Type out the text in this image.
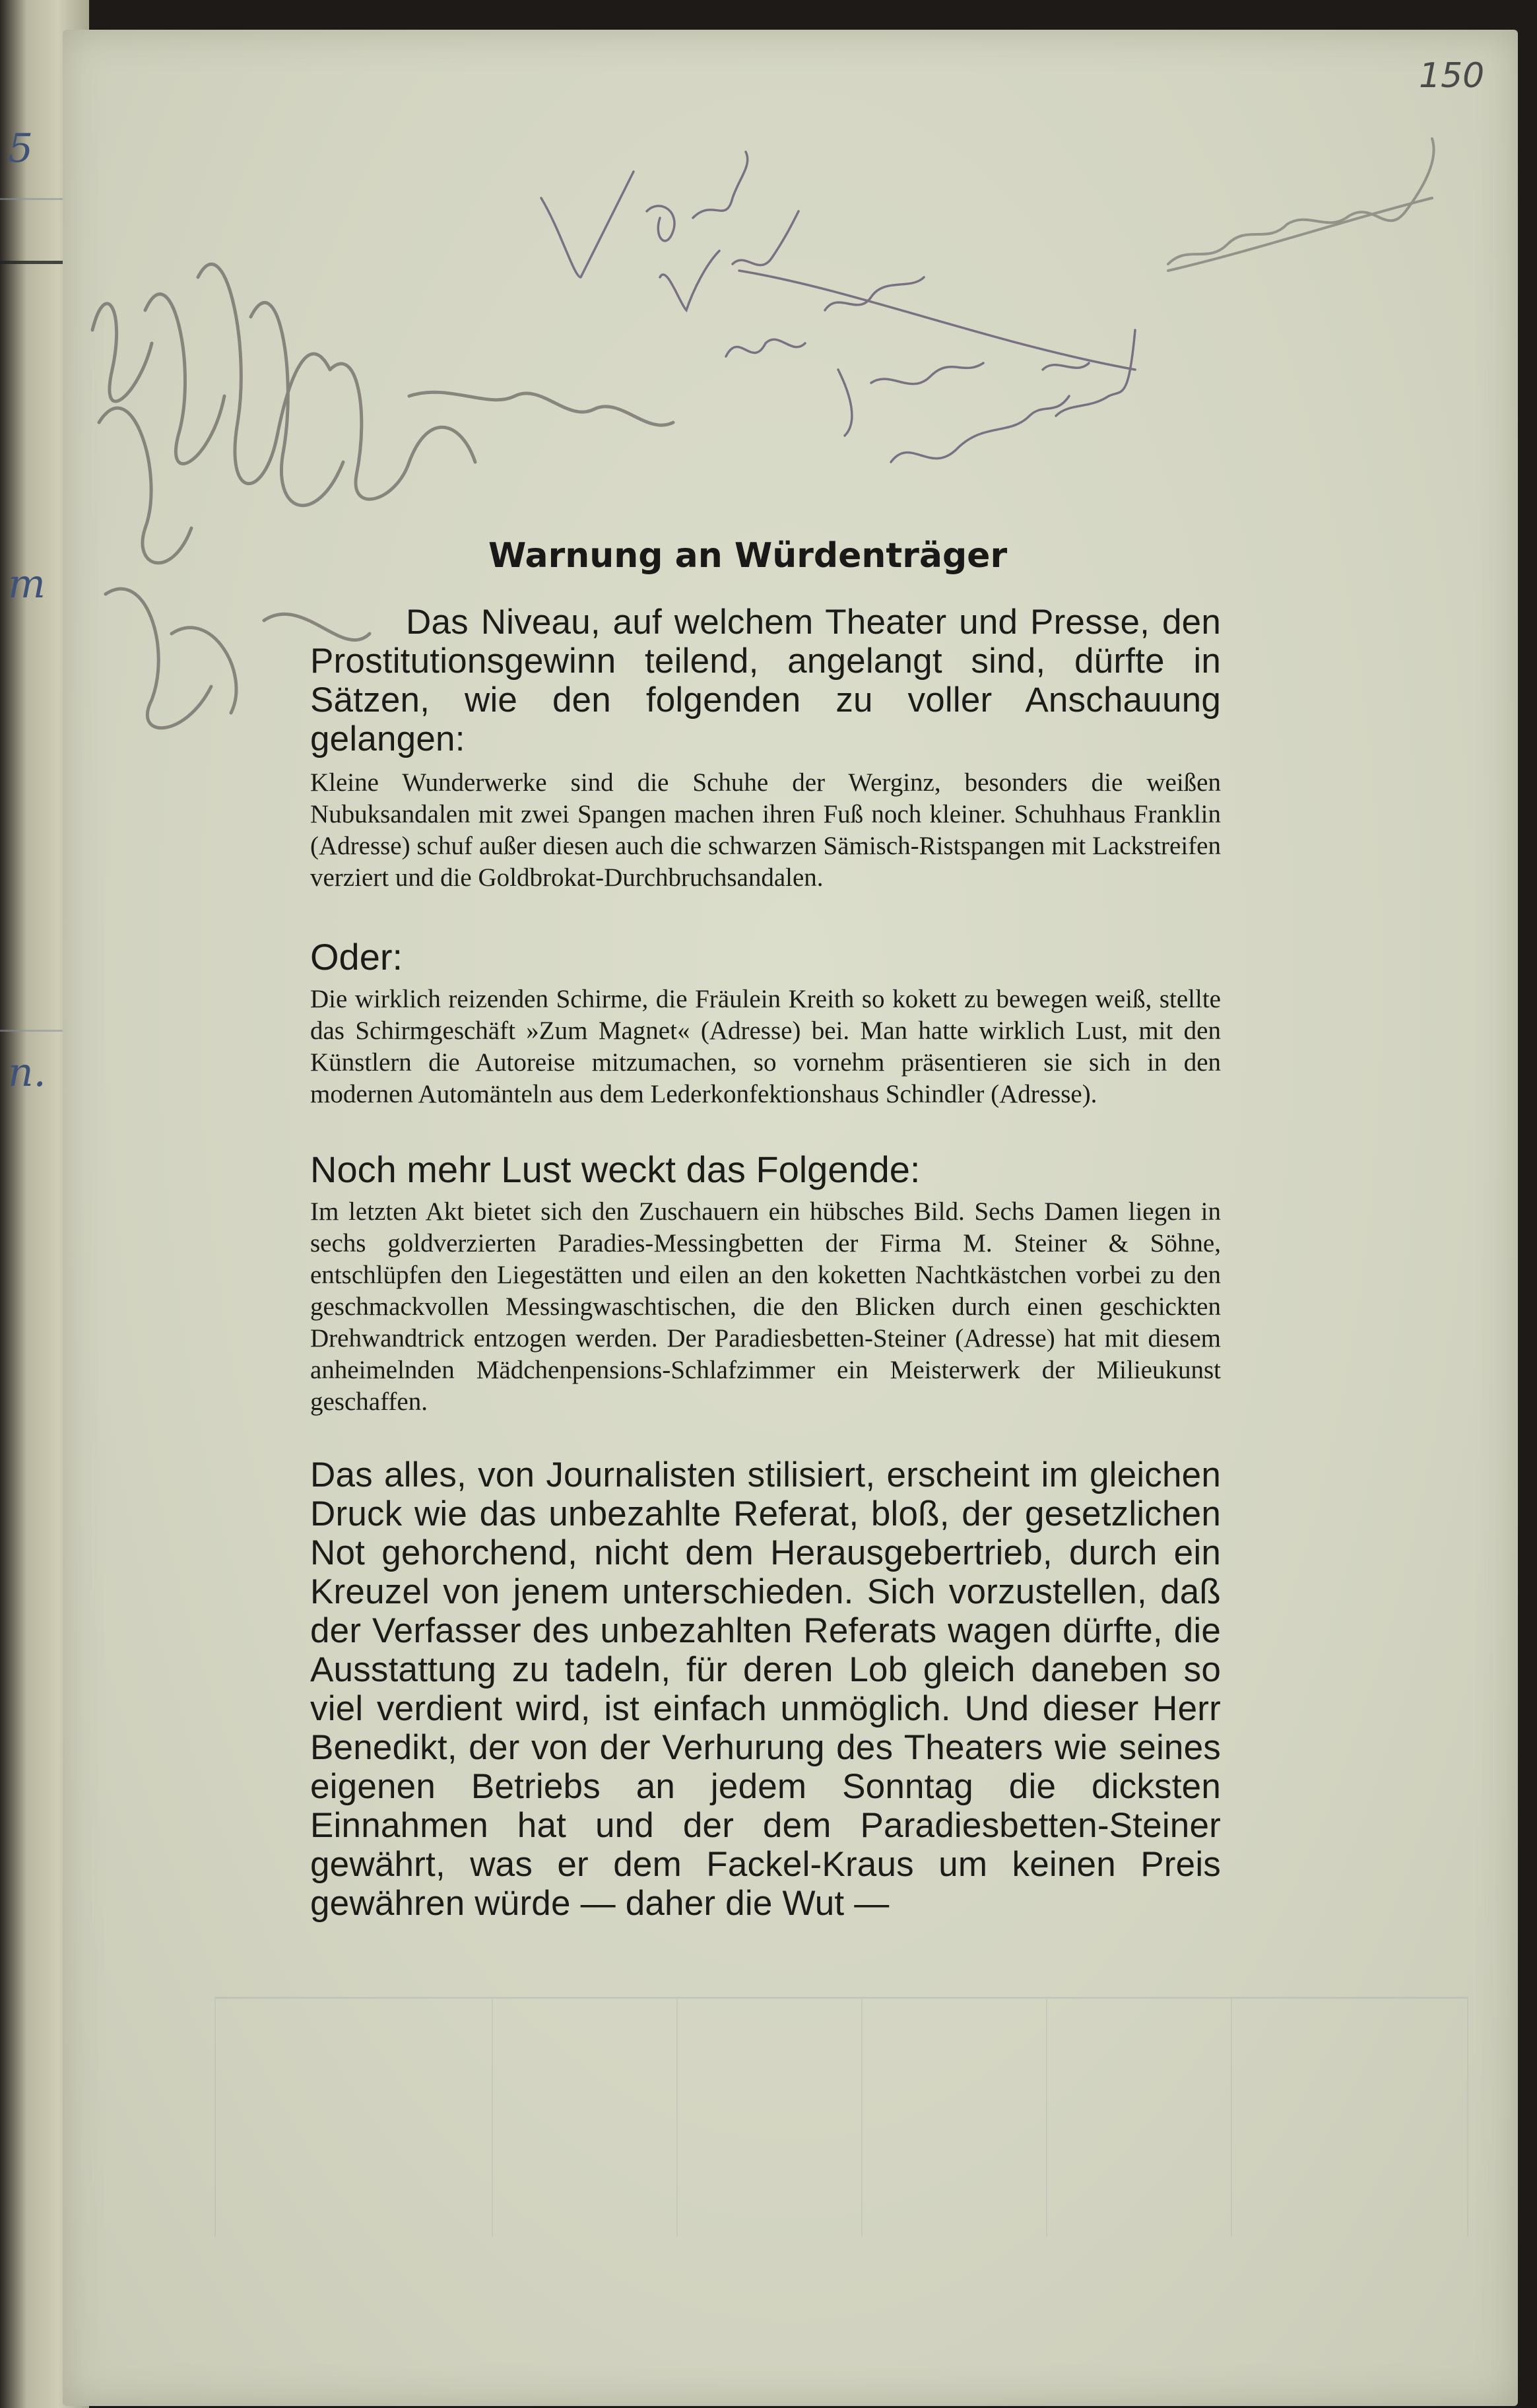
5
m
n.
150
Warnung an Würdenträger

Das Niveau, auf welchem Theater und Presse, den Prostitutionsgewinn teilend, angelangt sind, dürfte in Sätzen, wie den folgenden zu voller Anschauung gelangen:

Kleine Wunderwerke sind die Schuhe der Werginz, besonders die weißen Nubuksandalen mit zwei Spangen machen ihren Fuß noch kleiner. Schuhhaus Franklin (Adresse) schuf außer diesen auch die schwarzen Sämisch-Ristspangen mit Lackstreifen verziert und die Goldbrokat-Durchbruchsandalen.

Oder:

Die wirklich reizenden Schirme, die Fräulein Kreith so kokett zu bewegen weiß, stellte das Schirmgeschäft »Zum Magnet« (Adresse) bei. Man hatte wirklich Lust, mit den Künstlern die Autoreise mitzumachen, so vornehm präsentieren sie sich in den modernen Automänteln aus dem Lederkonfektionshaus Schindler (Adresse).

Noch mehr Lust weckt das Folgende:

Im letzten Akt bietet sich den Zuschauern ein hübsches Bild. Sechs Damen liegen in sechs goldverzierten Paradies-Messingbetten der Firma M. Steiner & Söhne, entschlüpfen den Liegestätten und eilen an den koketten Nachtkästchen vorbei zu den geschmackvollen Messingwaschtischen, die den Blicken durch einen geschickten Drehwandtrick entzogen werden. Der Paradiesbetten-Steiner (Adresse) hat mit diesem anheimelnden Mädchenpensions-Schlafzimmer ein Meisterwerk der Milieukunst geschaffen.

Das alles, von Journalisten stilisiert, erscheint im gleichen Druck wie das unbezahlte Referat, bloß, der gesetzlichen Not gehorchend, nicht dem Herausgebertrieb, durch ein Kreuzel von jenem unterschieden. Sich vorzustellen, daß der Verfasser des unbezahlten Referats wagen dürfte, die Ausstattung zu tadeln, für deren Lob gleich daneben so viel verdient wird, ist einfach unmöglich. Und dieser Herr Benedikt, der von der Verhurung des Theaters wie seines eigenen Betriebs an jedem Sonntag die dicksten Einnahmen hat und der dem Paradiesbetten-Steiner gewährt, was er dem Fackel-Kraus um keinen Preis gewähren würde — daher die Wut —
